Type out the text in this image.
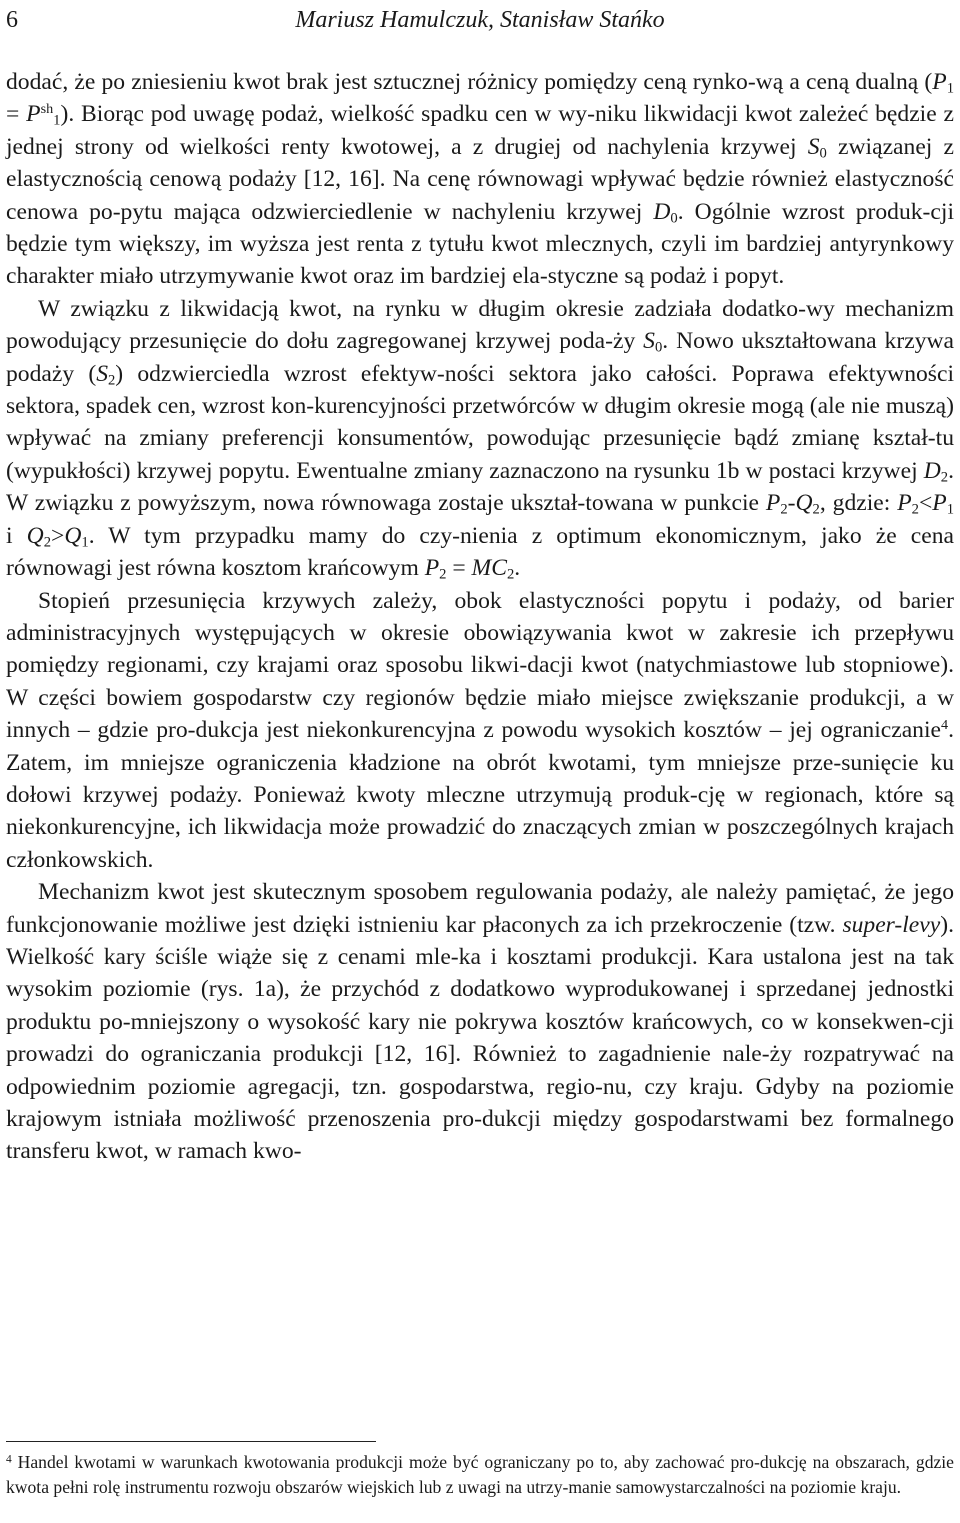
6	Mariusz Hamulczuk, Stanisław Stańko

dodać, że po zniesieniu kwot brak jest sztucznej różnicy pomiędzy ceną rynko-wą a ceną dualną $(P_1 = P^{sh}_1)$. Biorąc pod uwagę podaż, wielkość spadku cen w wy-niku likwidacji kwot zależeć będzie z jednej strony od wielkości renty kwotowej, a z drugiej od nachylenia krzywej $S_0$ związanej z elastycznością cenową podaży [12, 16]. Na cenę równowagi wpływać będzie również elastyczność cenowa po-pytu mająca odzwierciedlenie w nachyleniu krzywej $D_0$. Ogólnie wzrost produk-cji będzie tym większy, im wyższa jest renta z tytułu kwot mlecznych, czyli im bardziej antyrynkowy charakter miało utrzymywanie kwot oraz im bardziej ela-styczne są podaż i popyt.

W związku z likwidacją kwot, na rynku w długim okresie zadziała dodatko-wy mechanizm powodujący przesunięcie do dołu zagregowanej krzywej poda-ży $S_0$. Nowo ukształtowana krzywa podaży $(S_2)$ odzwierciedla wzrost efektyw-ności sektora jako całości. Poprawa efektywności sektora, spadek cen, wzrost kon-kurencyjności przetwórców w długim okresie mogą (ale nie muszą) wpływać na zmiany preferencji konsumentów, powodując przesunięcie bądź zmianę kształ-tu (wypukłości) krzywej popytu. Ewentualne zmiany zaznaczono na rysunku 1b w postaci krzywej $D_2$. W związku z powyższym, nowa równowaga zostaje ukształ-towana w punkcie $P_2-Q_2$, gdzie: $P_2<P_1$ i $Q_2>Q_1$. W tym przypadku mamy do czy-nienia z optimum ekonomicznym, jako że cena równowagi jest równa kosztom krańcowym $P_2 = MC_2$.

Stopień przesunięcia krzywych zależy, obok elastyczności popytu i podaży, od barier administracyjnych występujących w okresie obowiązywania kwot w zakresie ich przepływu pomiędzy regionami, czy krajami oraz sposobu likwi-dacji kwot (natychmiastowe lub stopniowe). W części bowiem gospodarstw czy regionów będzie miało miejsce zwiększanie produkcji, a w innych – gdzie pro-dukcja jest niekonkurencyjna z powodu wysokich kosztów – jej ograniczanie$^4$. Zatem, im mniejsze ograniczenia kładzione na obrót kwotami, tym mniejsze prze-sunięcie ku dołowi krzywej podaży. Ponieważ kwoty mleczne utrzymują produk-cję w regionach, które są niekonkurencyjne, ich likwidacja może prowadzić do znaczących zmian w poszczególnych krajach członkowskich.

Mechanizm kwot jest skutecznym sposobem regulowania podaży, ale należy pamiętać, że jego funkcjonowanie możliwe jest dzięki istnieniu kar płaconych za ich przekroczenie (tzw. super-levy). Wielkość kary ściśle wiąże się z cenami mle-ka i kosztami produkcji. Kara ustalona jest na tak wysokim poziomie (rys. 1a), że przychód z dodatkowo wyprodukowanej i sprzedanej jednostki produktu po-mniejszony o wysokość kary nie pokrywa kosztów krańcowych, co w konsekwen-cji prowadzi do ograniczania produkcji [12, 16]. Również to zagadnienie nale-ży rozpatrywać na odpowiednim poziomie agregacji, tzn. gospodarstwa, regio-nu, czy kraju. Gdyby na poziomie krajowym istniała możliwość przenoszenia pro-dukcji między gospodarstwami bez formalnego transferu kwot, w ramach kwo-

$^4$ Handel kwotami w warunkach kwotowania produkcji może być ograniczany po to, aby zachować pro-dukcję na obszarach, gdzie kwota pełni rolę instrumentu rozwoju obszarów wiejskich lub z uwagi na utrzy-manie samowystarczalności na poziomie kraju.
